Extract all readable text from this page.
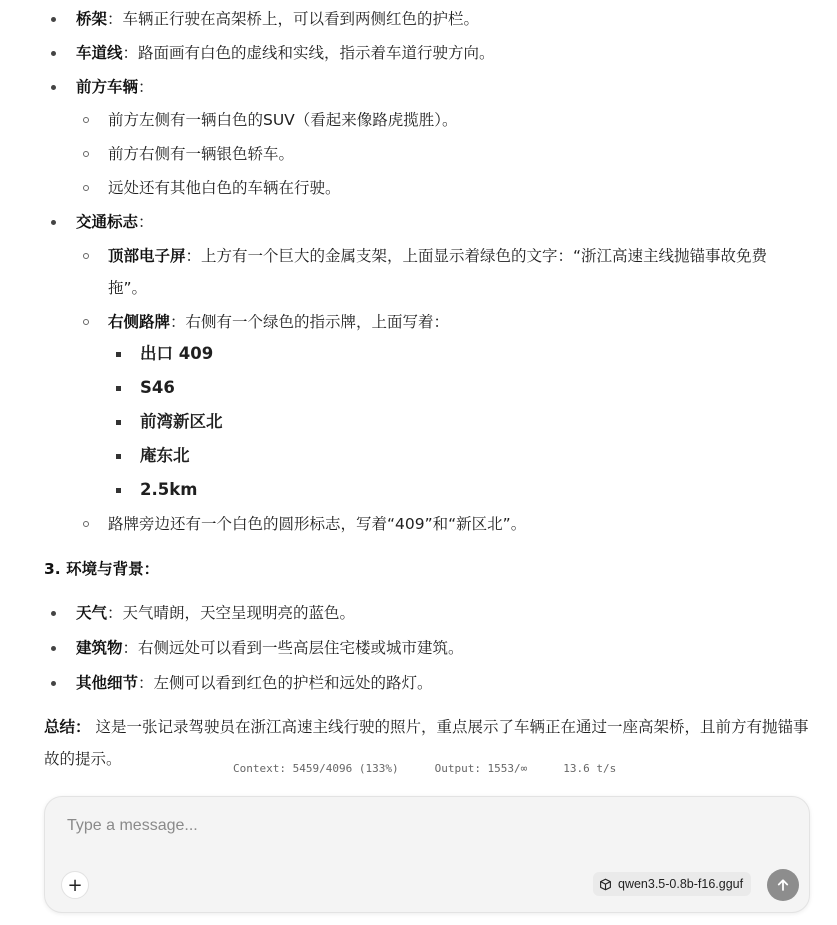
桥架：车辆正行驶在高架桥上，可以看到两侧红色的护栏。
车道线：路面画有白色的虚线和实线，指示着车道行驶方向。
前方车辆：
前方左侧有一辆白色的SUV（看起来像路虎揽胜）。
前方右侧有一辆银色轿车。
远处还有其他白色的车辆在行驶。
交通标志：
顶部电子屏：上方有一个巨大的金属支架，上面显示着绿色的文字：“浙江高速主线抛锚事故免费拖”。
右侧路牌：右侧有一个绿色的指示牌，上面写着：
出口 409
S46
前湾新区北
庵东北
2.5km
路牌旁边还有一个白色的圆形标志，写着“409”和“新区北”。
3. 环境与背景：
天气：天气晴朗，天空呈现明亮的蓝色。
建筑物：右侧远处可以看到一些高层住宅楼或城市建筑。
其他细节：左侧可以看到红色的护栏和远处的路灯。
总结： 这是一张记录驾驶员在浙江高速主线行驶的照片，重点展示了车辆正在通过一座高架桥，且前方有抛锚事故的提示。
Context: 5459/4096 (133%)	Output: 1553/∞	13.6 t/s
Type a message...
+	qwen3.5-0.8b-f16.gguf
